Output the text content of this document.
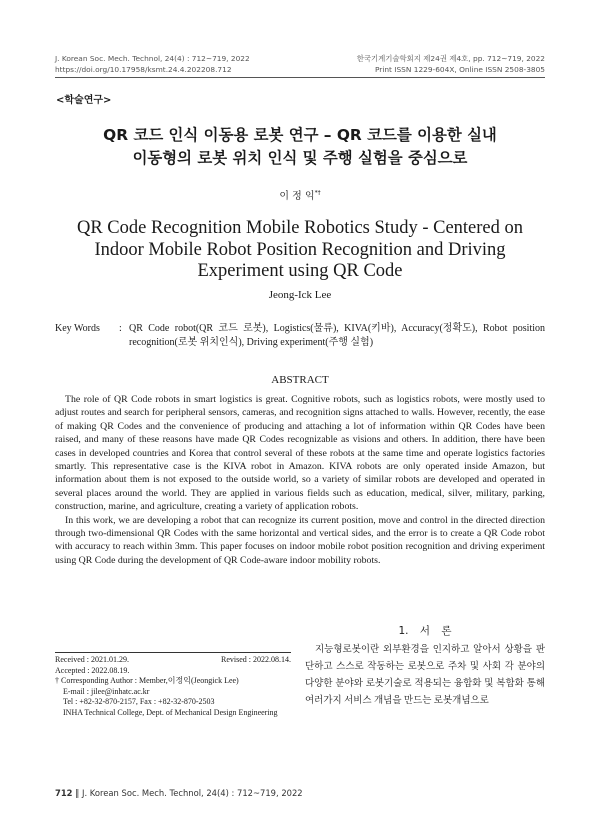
J. Korean Soc. Mech. Technol, 24(4) : 712~719, 2022	한국기계기술학회지 제24권 제4호, pp. 712~719, 2022
https://doi.org/10.17958/ksmt.24.4.202208.712	Print ISSN 1229-604X, Online ISSN 2508-3805
<학술연구>
QR 코드 인식 이동용 로봇 연구 – QR 코드를 이용한 실내
이동형의 로봇 위치 인식 및 주행 실험을 중심으로
이 정 익*†
QR Code Recognition Mobile Robotics Study - Centered on
Indoor Mobile Robot Position Recognition and Driving
Experiment using QR Code
Jeong-Ick Lee
Key Words	: QR Code robot(QR 코드 로봇), Logistics(물류), KIVA(키바), Accuracy(정확도), Robot position recognition(로봇 위치인식), Driving experiment(주행 실험)
ABSTRACT

The role of QR Code robots in smart logistics is great. Cognitive robots, such as logistics robots, were mostly used to adjust routes and search for peripheral sensors, cameras, and recognition signs attached to walls. However, recently, the ease of making QR Codes and the convenience of producing and attaching a lot of information within QR Codes have been raised, and many of these reasons have made QR Codes recognizable as visions and others. In addition, there have been cases in developed countries and Korea that control several of these robots at the same time and operate logistics factories smartly. This representative case is the KIVA robot in Amazon. KIVA robots are only operated inside Amazon, but information about them is not exposed to the outside world, so a variety of similar robots are developed and operated in several places around the world. They are applied in various fields such as education, medical, silver, military, parking, construction, marine, and agriculture, creating a variety of application robots.

In this work, we are developing a robot that can recognize its current position, move and control in the directed direction through two-dimensional QR Codes with the same horizontal and vertical sides, and the error is to create a QR Code robot with accuracy to reach within 3mm. This paper focuses on indoor mobile robot position recognition and driving experiment using QR Code during the development of QR Code-aware indoor mobility robots.

1. 서 론
Received : 2021.01.29.	Revised : 2022.08.14.
Accepted : 2022.08.19.
† Corresponding Author : Member,이정익(Jeongick Lee)
E-mail : jilee@inhatc.ac.kr
Tel : +82-32-870-2157, Fax : +82-32-870-2503
INHA Technical College, Dept. of Mechanical Design Engineering
지능형로봇이란 외부환경을 인지하고 알아서 상황을 판단하고 스스로 작동하는 로봇으로 주차 및 사회 각 분야의 다양한 분야와 로봇기술로 적용되는 융합화 및 복합화 통해 여러가지 서비스 개념을 만드는 로봇개념으로
712 ‖ J. Korean Soc. Mech. Technol, 24(4) : 712~719, 2022
